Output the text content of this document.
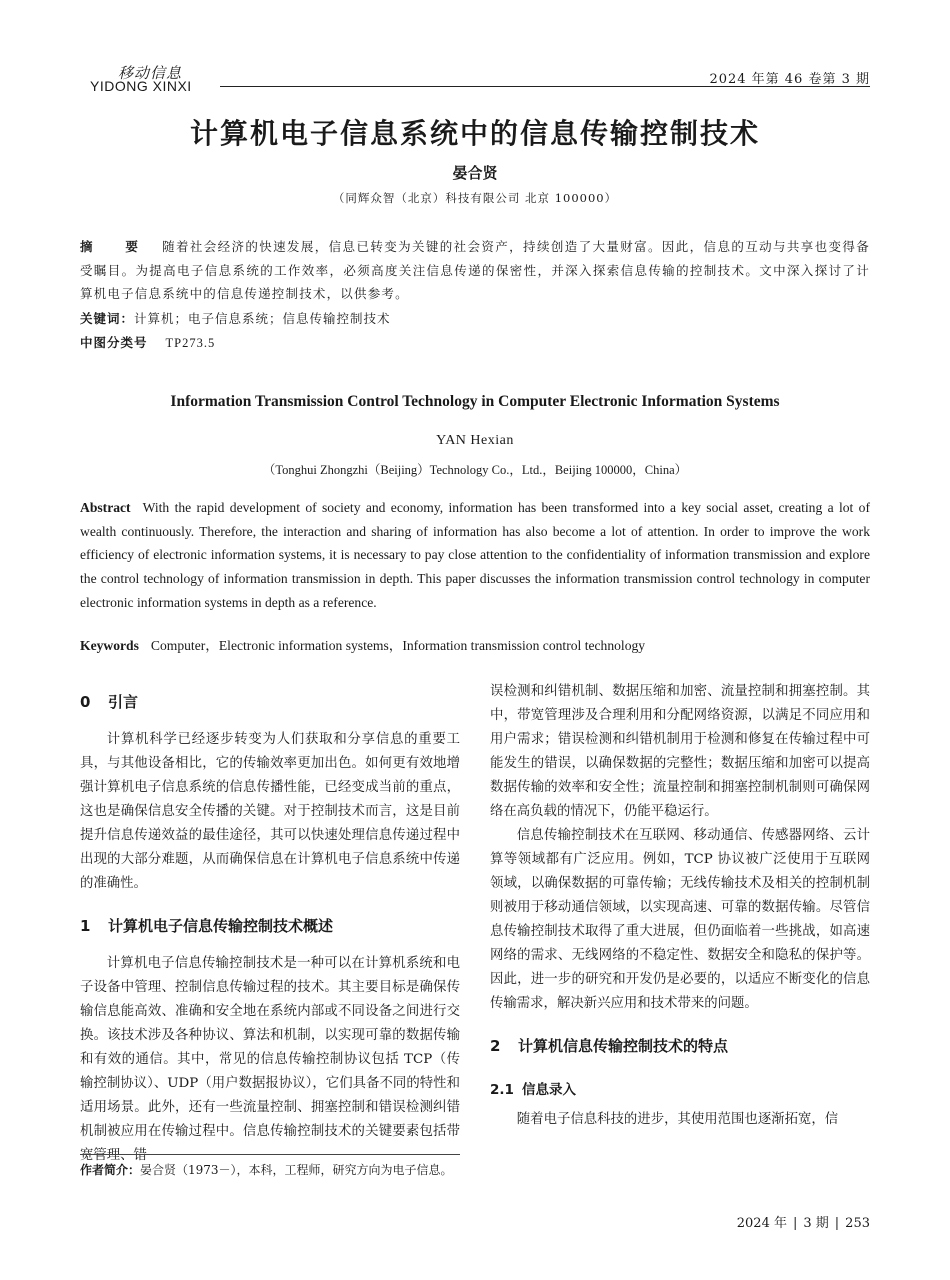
移动信息
YIDONG XINXI	2024 年第 46 卷第 3 期
计算机电子信息系统中的信息传输控制技术
晏合贤
（同辉众智（北京）科技有限公司 北京 100000）
摘　要 随着社会经济的快速发展，信息已转变为关键的社会资产，持续创造了大量财富。因此，信息的互动与共享也变得备受瞩目。为提高电子信息系统的工作效率，必须高度关注信息传递的保密性，并深入探索信息传输的控制技术。文中深入探讨了计算机电子信息系统中的信息传递控制技术，以供参考。
关键词：计算机；电子信息系统；信息传输控制技术
中图分类号 TP273.5
Information Transmission Control Technology in Computer Electronic Information Systems
YAN Hexian
（Tonghui Zhongzhi（Beijing）Technology Co.，Ltd.，Beijing 100000，China）
Abstract With the rapid development of society and economy, information has been transformed into a key social asset, creating a lot of wealth continuously. Therefore, the interaction and sharing of information has also become a lot of attention. In order to improve the work efficiency of electronic information systems, it is necessary to pay close attention to the confidentiality of information transmission and explore the control technology of information transmission in depth. This paper discusses the information transmission control technology in computer electronic information systems in depth as a reference.
Keywords Computer，Electronic information systems，Information transmission control technology
0 引言

计算机科学已经逐步转变为人们获取和分享信息的重要工具，与其他设备相比，它的传输效率更加出色。如何更有效地增强计算机电子信息系统的信息传播性能，已经变成当前的重点，这也是确保信息安全传播的关键。对于控制技术而言，这是目前提升信息传递效益的最佳途径，其可以快速处理信息传递过程中出现的大部分难题，从而确保信息在计算机电子信息系统中传递的准确性。

1 计算机电子信息传输控制技术概述

计算机电子信息传输控制技术是一种可以在计算机系统和电子设备中管理、控制信息传输过程的技术。其主要目标是确保传输信息能高效、准确和安全地在系统内部或不同设备之间进行交换。该技术涉及各种协议、算法和机制，以实现可靠的数据传输和有效的通信。其中，常见的信息传输控制协议包括 TCP（传输控制协议）、UDP（用户数据报协议），它们具备不同的特性和适用场景。此外，还有一些流量控制、拥塞控制和错误检测纠错机制被应用在传输过程中。信息传输控制技术的关键要素包括带宽管理、错

作者简介：晏合贤（1973－），本科，工程师，研究方向为电子信息。

误检测和纠错机制、数据压缩和加密、流量控制和拥塞控制。其中，带宽管理涉及合理利用和分配网络资源，以满足不同应用和用户需求；错误检测和纠错机制用于检测和修复在传输过程中可能发生的错误，以确保数据的完整性；数据压缩和加密可以提高数据传输的效率和安全性；流量控制和拥塞控制机制则可确保网络在高负载的情况下，仍能平稳运行。

信息传输控制技术在互联网、移动通信、传感器网络、云计算等领域都有广泛应用。例如，TCP 协议被广泛使用于互联网领域，以确保数据的可靠传输；无线传输技术及相关的控制机制则被用于移动通信领域，以实现高速、可靠的数据传输。尽管信息传输控制技术取得了重大进展，但仍面临着一些挑战，如高速网络的需求、无线网络的不稳定性、数据安全和隐私的保护等。因此，进一步的研究和开发仍是必要的，以适应不断变化的信息传输需求，解决新兴应用和技术带来的问题。

2 计算机信息传输控制技术的特点
2.1 信息录入

随着电子信息科技的进步，其使用范围也逐渐拓宽，信

2024 年 | 3 期 | 253
